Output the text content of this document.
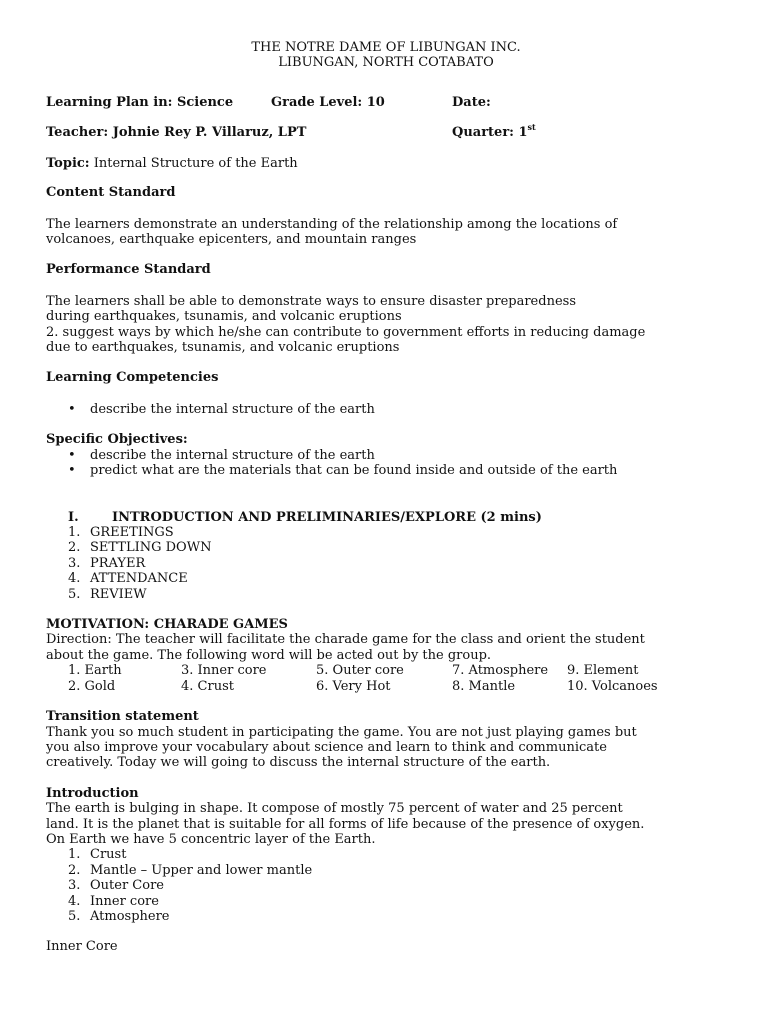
THE NOTRE DAME OF LIBUNGAN INC.

LIBUNGAN, NORTH COTABATO

Learning Plan in: Science	Grade Level: 10	Date:
Teacher: Johnie Rey P. Villaruz, LPT	Quarter: 1st

Topic: Internal Structure of the Earth

Content Standard

The learners demonstrate an understanding of the relationship among the locations of

volcanoes, earthquake epicenters, and mountain ranges

Performance Standard

The learners shall be able to demonstrate ways to ensure disaster preparedness

during earthquakes, tsunamis, and volcanic eruptions

2. suggest ways by which he/she can contribute to government efforts in reducing damage

due to earthquakes, tsunamis, and volcanic eruptions

Learning Competencies

• describe the internal structure of the earth

Specific Objectives:

• describe the internal structure of the earth
• predict what are the materials that can be found inside and outside of the earth
I.	INTRODUCTION AND PRELIMINARIES/EXPLORE (2 mins)
1. GREETINGS
2. SETTLING DOWN
3. PRAYER
4. ATTENDANCE
5. REVIEW

MOTIVATION: CHARADE GAMES

Direction: The teacher will facilitate the charade game for the class and orient the student

about the game. The following word will be acted out by the group.

1. Earth	3. Inner core	5. Outer core	7. Atmosphere 9. Element
2. Gold	4. Crust	6. Very Hot	8. Mantle	10. Volcanoes

Transition statement

Thank you so much student in participating the game. You are not just playing games but

you also improve your vocabulary about science and learn to think and communicate

creatively. Today we will going to discuss the internal structure of the earth.

Introduction

The earth is bulging in shape. It compose of mostly 75 percent of water and 25 percent

land. It is the planet that is suitable for all forms of life because of the presence of oxygen.

On Earth we have 5 concentric layer of the Earth.

1. Crust
2. Mantle – Upper and lower mantle
3. Outer Core
4. Inner core
5. Atmosphere

Inner Core
